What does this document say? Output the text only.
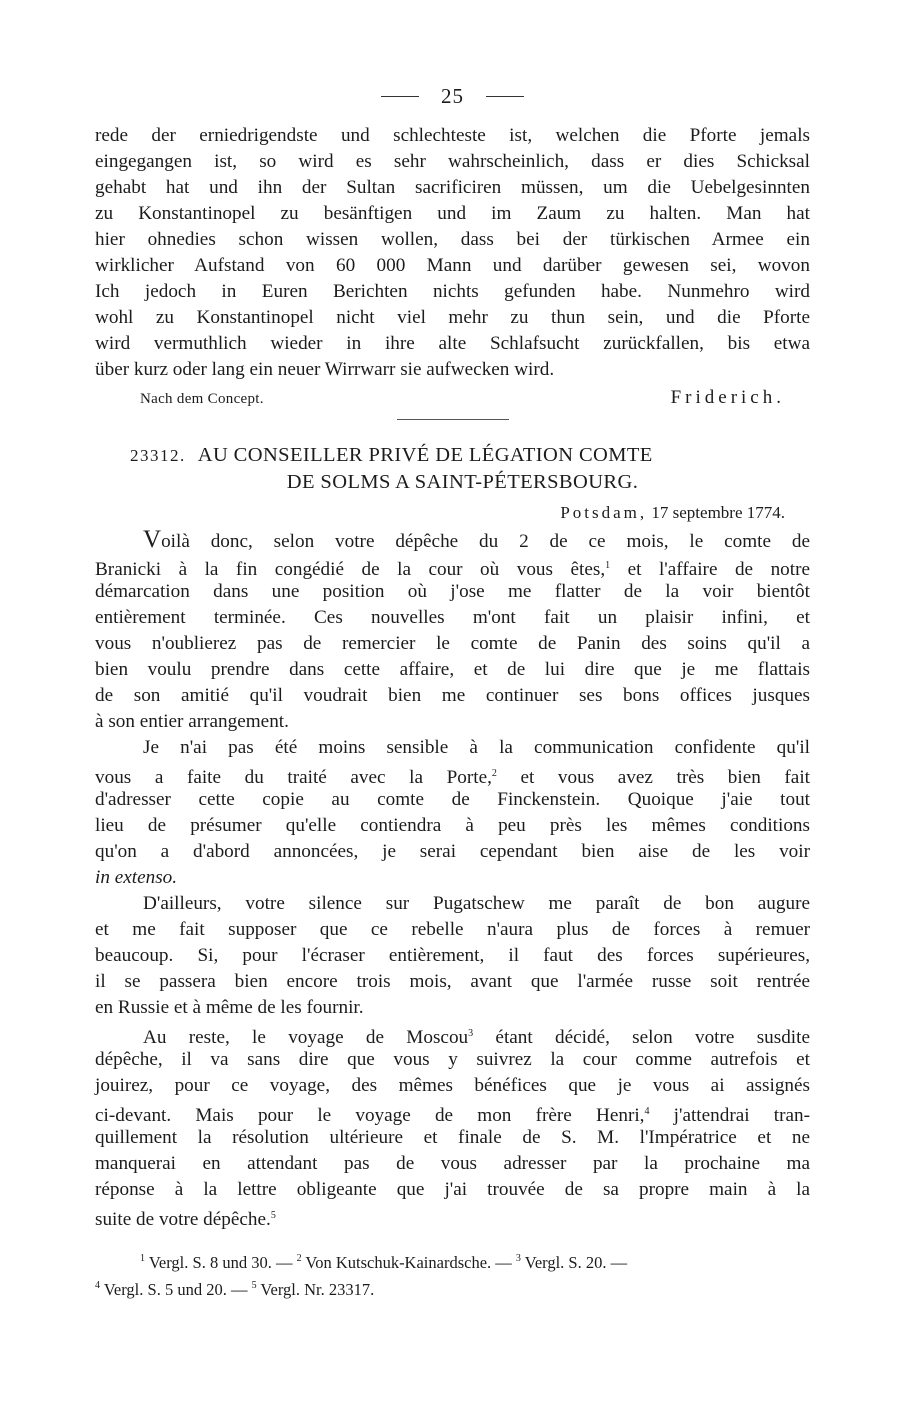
25
rede der erniedrigendste und schlechteste ist, welchen die Pforte jemals
eingegangen ist, so wird es sehr wahrscheinlich, dass er dies Schicksal
gehabt hat und ihn der Sultan sacrificiren müssen, um die Uebelgesinnten
zu Konstantinopel zu besänftigen und im Zaum zu halten. Man hat
hier ohnedies schon wissen wollen, dass bei der türkischen Armee ein
wirklicher Aufstand von 60 000 Mann und darüber gewesen sei, wovon
Ich jedoch in Euren Berichten nichts gefunden habe. Nunmehro wird
wohl zu Konstantinopel nicht viel mehr zu thun sein, und die Pforte
wird vermuthlich wieder in ihre alte Schlafsucht zurückfallen, bis etwa
über kurz oder lang ein neuer Wirrwarr sie aufwecken wird.
Nach dem Concept.	Friderich.
23312. AU CONSEILLER PRIVÉ DE LÉGATION COMTE
DE SOLMS A SAINT-PÉTERSBOURG.
Potsdam, 17 septembre 1774.
Voilà donc, selon votre dépêche du 2 de ce mois, le comte de
Branicki à la fin congédié de la cour où vous êtes,$^1$ et l'affaire de notre
démarcation dans une position où j'ose me flatter de la voir bientôt
entièrement terminée. Ces nouvelles m'ont fait un plaisir infini, et
vous n'oublierez pas de remercier le comte de Panin des soins qu'il a
bien voulu prendre dans cette affaire, et de lui dire que je me flattais
de son amitié qu'il voudrait bien me continuer ses bons offices jusques
à son entier arrangement.
Je n'ai pas été moins sensible à la communication confidente qu'il
vous a faite du traité avec la Porte,$^2$ et vous avez très bien fait
d'adresser cette copie au comte de Finckenstein. Quoique j'aie tout
lieu de présumer qu'elle contiendra à peu près les mêmes conditions
qu'on a d'abord annoncées, je serai cependant bien aise de les voir
in extenso.
D'ailleurs, votre silence sur Pugatschew me paraît de bon augure
et me fait supposer que ce rebelle n'aura plus de forces à remuer
beaucoup. Si, pour l'écraser entièrement, il faut des forces supérieures,
il se passera bien encore trois mois, avant que l'armée russe soit rentrée
en Russie et à même de les fournir.
Au reste, le voyage de Moscou$^3$ étant décidé, selon votre susdite
dépêche, il va sans dire que vous y suivrez la cour comme autrefois et
jouirez, pour ce voyage, des mêmes bénéfices que je vous ai assignés
ci-devant. Mais pour le voyage de mon frère Henri,$^4$ j'attendrai tran-
quillement la résolution ultérieure et finale de S. M. l'Impératrice et ne
manquerai en attendant pas de vous adresser par la prochaine ma
réponse à la lettre obligeante que j'ai trouvée de sa propre main à la
suite de votre dépêche.$^5$
$^1$ Vergl. S. 8 und 30. — $^2$ Von Kutschuk-Kainardsche. — $^3$ Vergl. S. 20. —
$^4$ Vergl. S. 5 und 20. — $^5$ Vergl. Nr. 23317.
